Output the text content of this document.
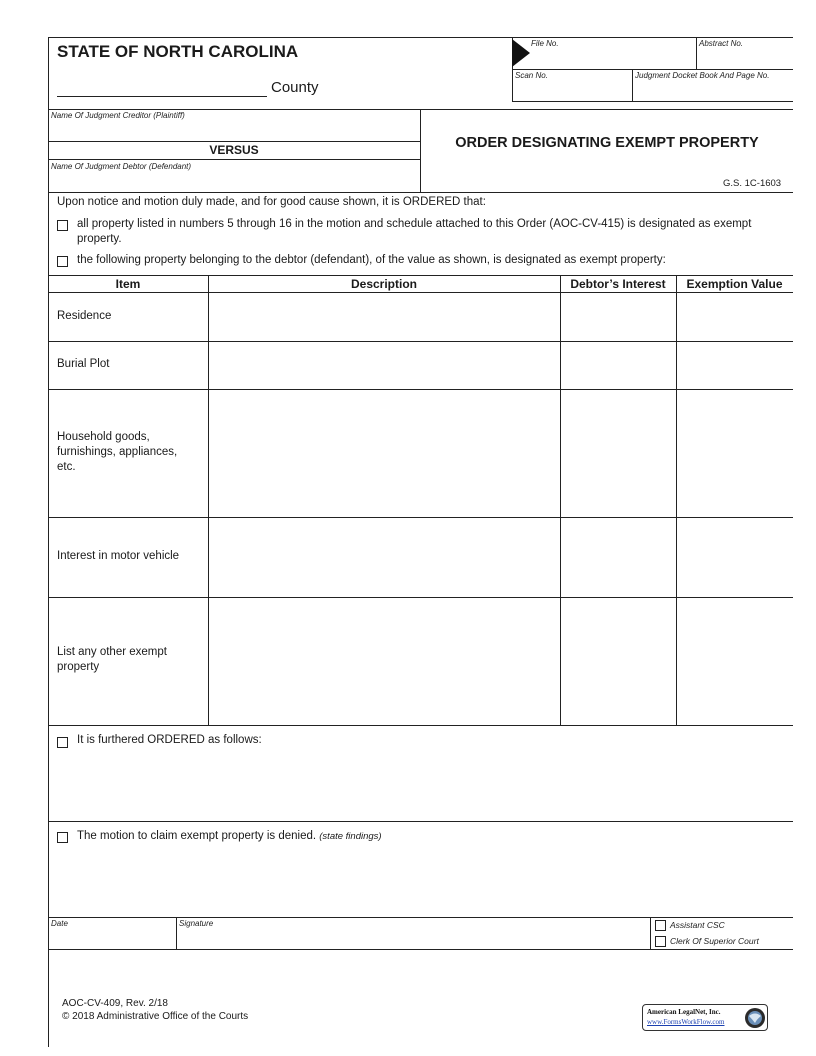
STATE OF NORTH CAROLINA
County
File No.	Abstract No.
Scan No.	Judgment Docket Book And Page No.
Name Of Judgment Creditor (Plaintiff)
VERSUS
Name Of Judgment Debtor (Defendant)
ORDER DESIGNATING EXEMPT PROPERTY
G.S. 1C-1603
Upon notice and motion duly made, and for good cause shown, it is ORDERED that:
all property listed in numbers 5 through 16 in the motion and schedule attached to this Order (AOC-CV-415) is designated as exempt
property.
the following property belonging to the debtor (defendant), of the value as shown, is designated as exempt property:
Item	Description	Debtor’s Interest	Exemption Value
Residence
Burial Plot
Household goods, furnishings, appliances, etc.
Interest in motor vehicle
List any other exempt property
It is furthered ORDERED as follows:
The motion to claim exempt property is denied. (state findings)
Date	Signature	Assistant CSC
Clerk Of Superior Court
AOC-CV-409, Rev. 2/18
© 2018 Administrative Office of the Courts	American LegalNet, Inc.
www.FormsWorkFlow.com
